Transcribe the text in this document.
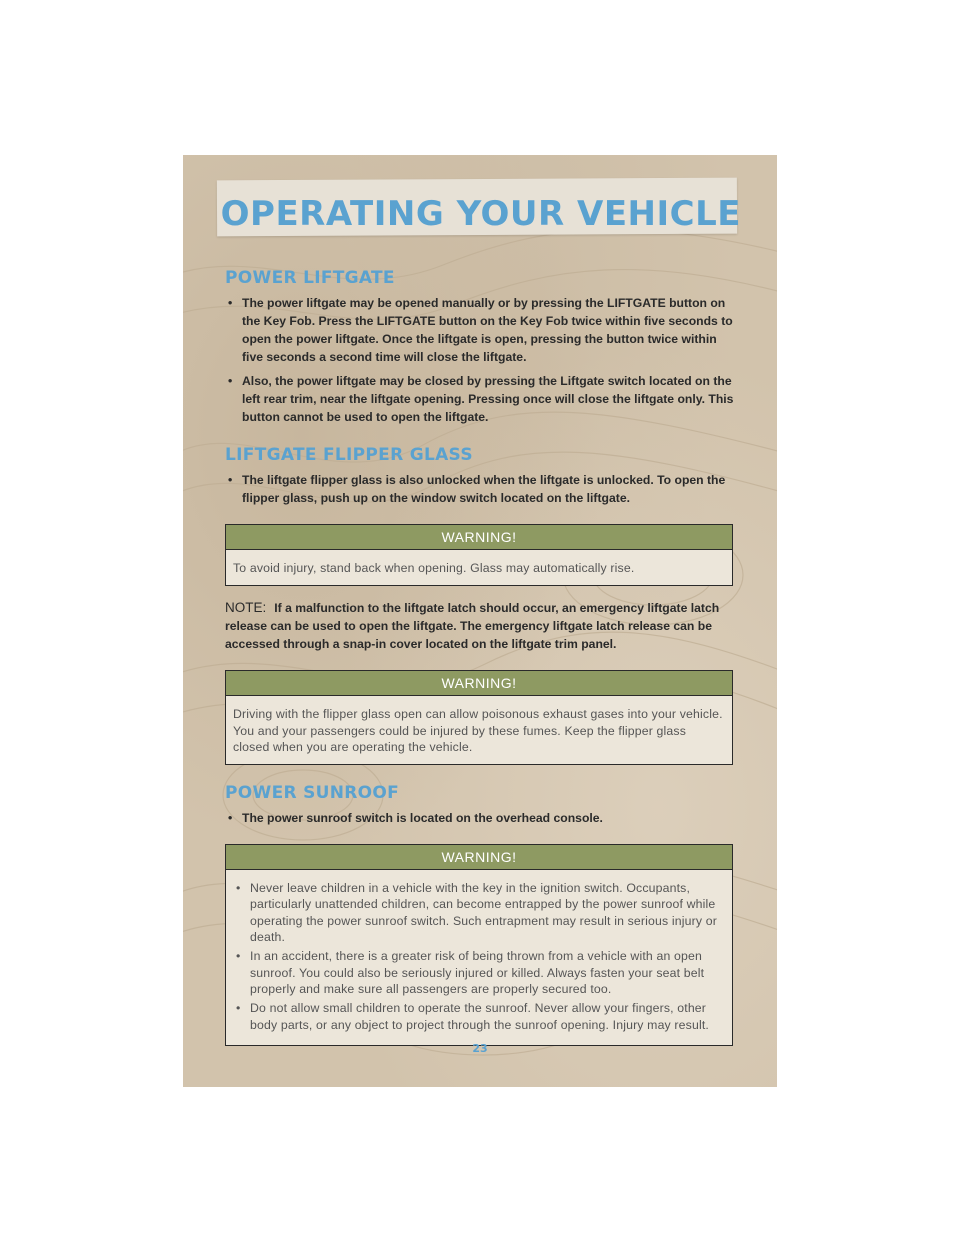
OPERATING YOUR VEHICLE
POWER LIFTGATE
• The power liftgate may be opened manually or by pressing the LIFTGATE button on the Key Fob. Press the LIFTGATE button on the Key Fob twice within five seconds to open the power liftgate. Once the liftgate is open, pressing the button twice within five seconds a second time will close the liftgate.
• Also, the power liftgate may be closed by pressing the Liftgate switch located on the left rear trim, near the liftgate opening. Pressing once will close the liftgate only. This button cannot be used to open the liftgate.
LIFTGATE FLIPPER GLASS
• The liftgate flipper glass is also unlocked when the liftgate is unlocked. To open the flipper glass, push up on the window switch located on the liftgate.
WARNING!
To avoid injury, stand back when opening. Glass may automatically rise.
NOTE: If a malfunction to the liftgate latch should occur, an emergency liftgate latch release can be used to open the liftgate. The emergency liftgate latch release can be accessed through a snap-in cover located on the liftgate trim panel.
WARNING!
Driving with the flipper glass open can allow poisonous exhaust gases into your vehicle. You and your passengers could be injured by these fumes. Keep the flipper glass closed when you are operating the vehicle.
POWER SUNROOF
• The power sunroof switch is located on the overhead console.
WARNING!
• Never leave children in a vehicle with the key in the ignition switch. Occupants, particularly unattended children, can become entrapped by the power sunroof while operating the power sunroof switch. Such entrapment may result in serious injury or death.
• In an accident, there is a greater risk of being thrown from a vehicle with an open sunroof. You could also be seriously injured or killed. Always fasten your seat belt properly and make sure all passengers are properly secured too.
• Do not allow small children to operate the sunroof. Never allow your fingers, other body parts, or any object to project through the sunroof opening. Injury may result.
23
